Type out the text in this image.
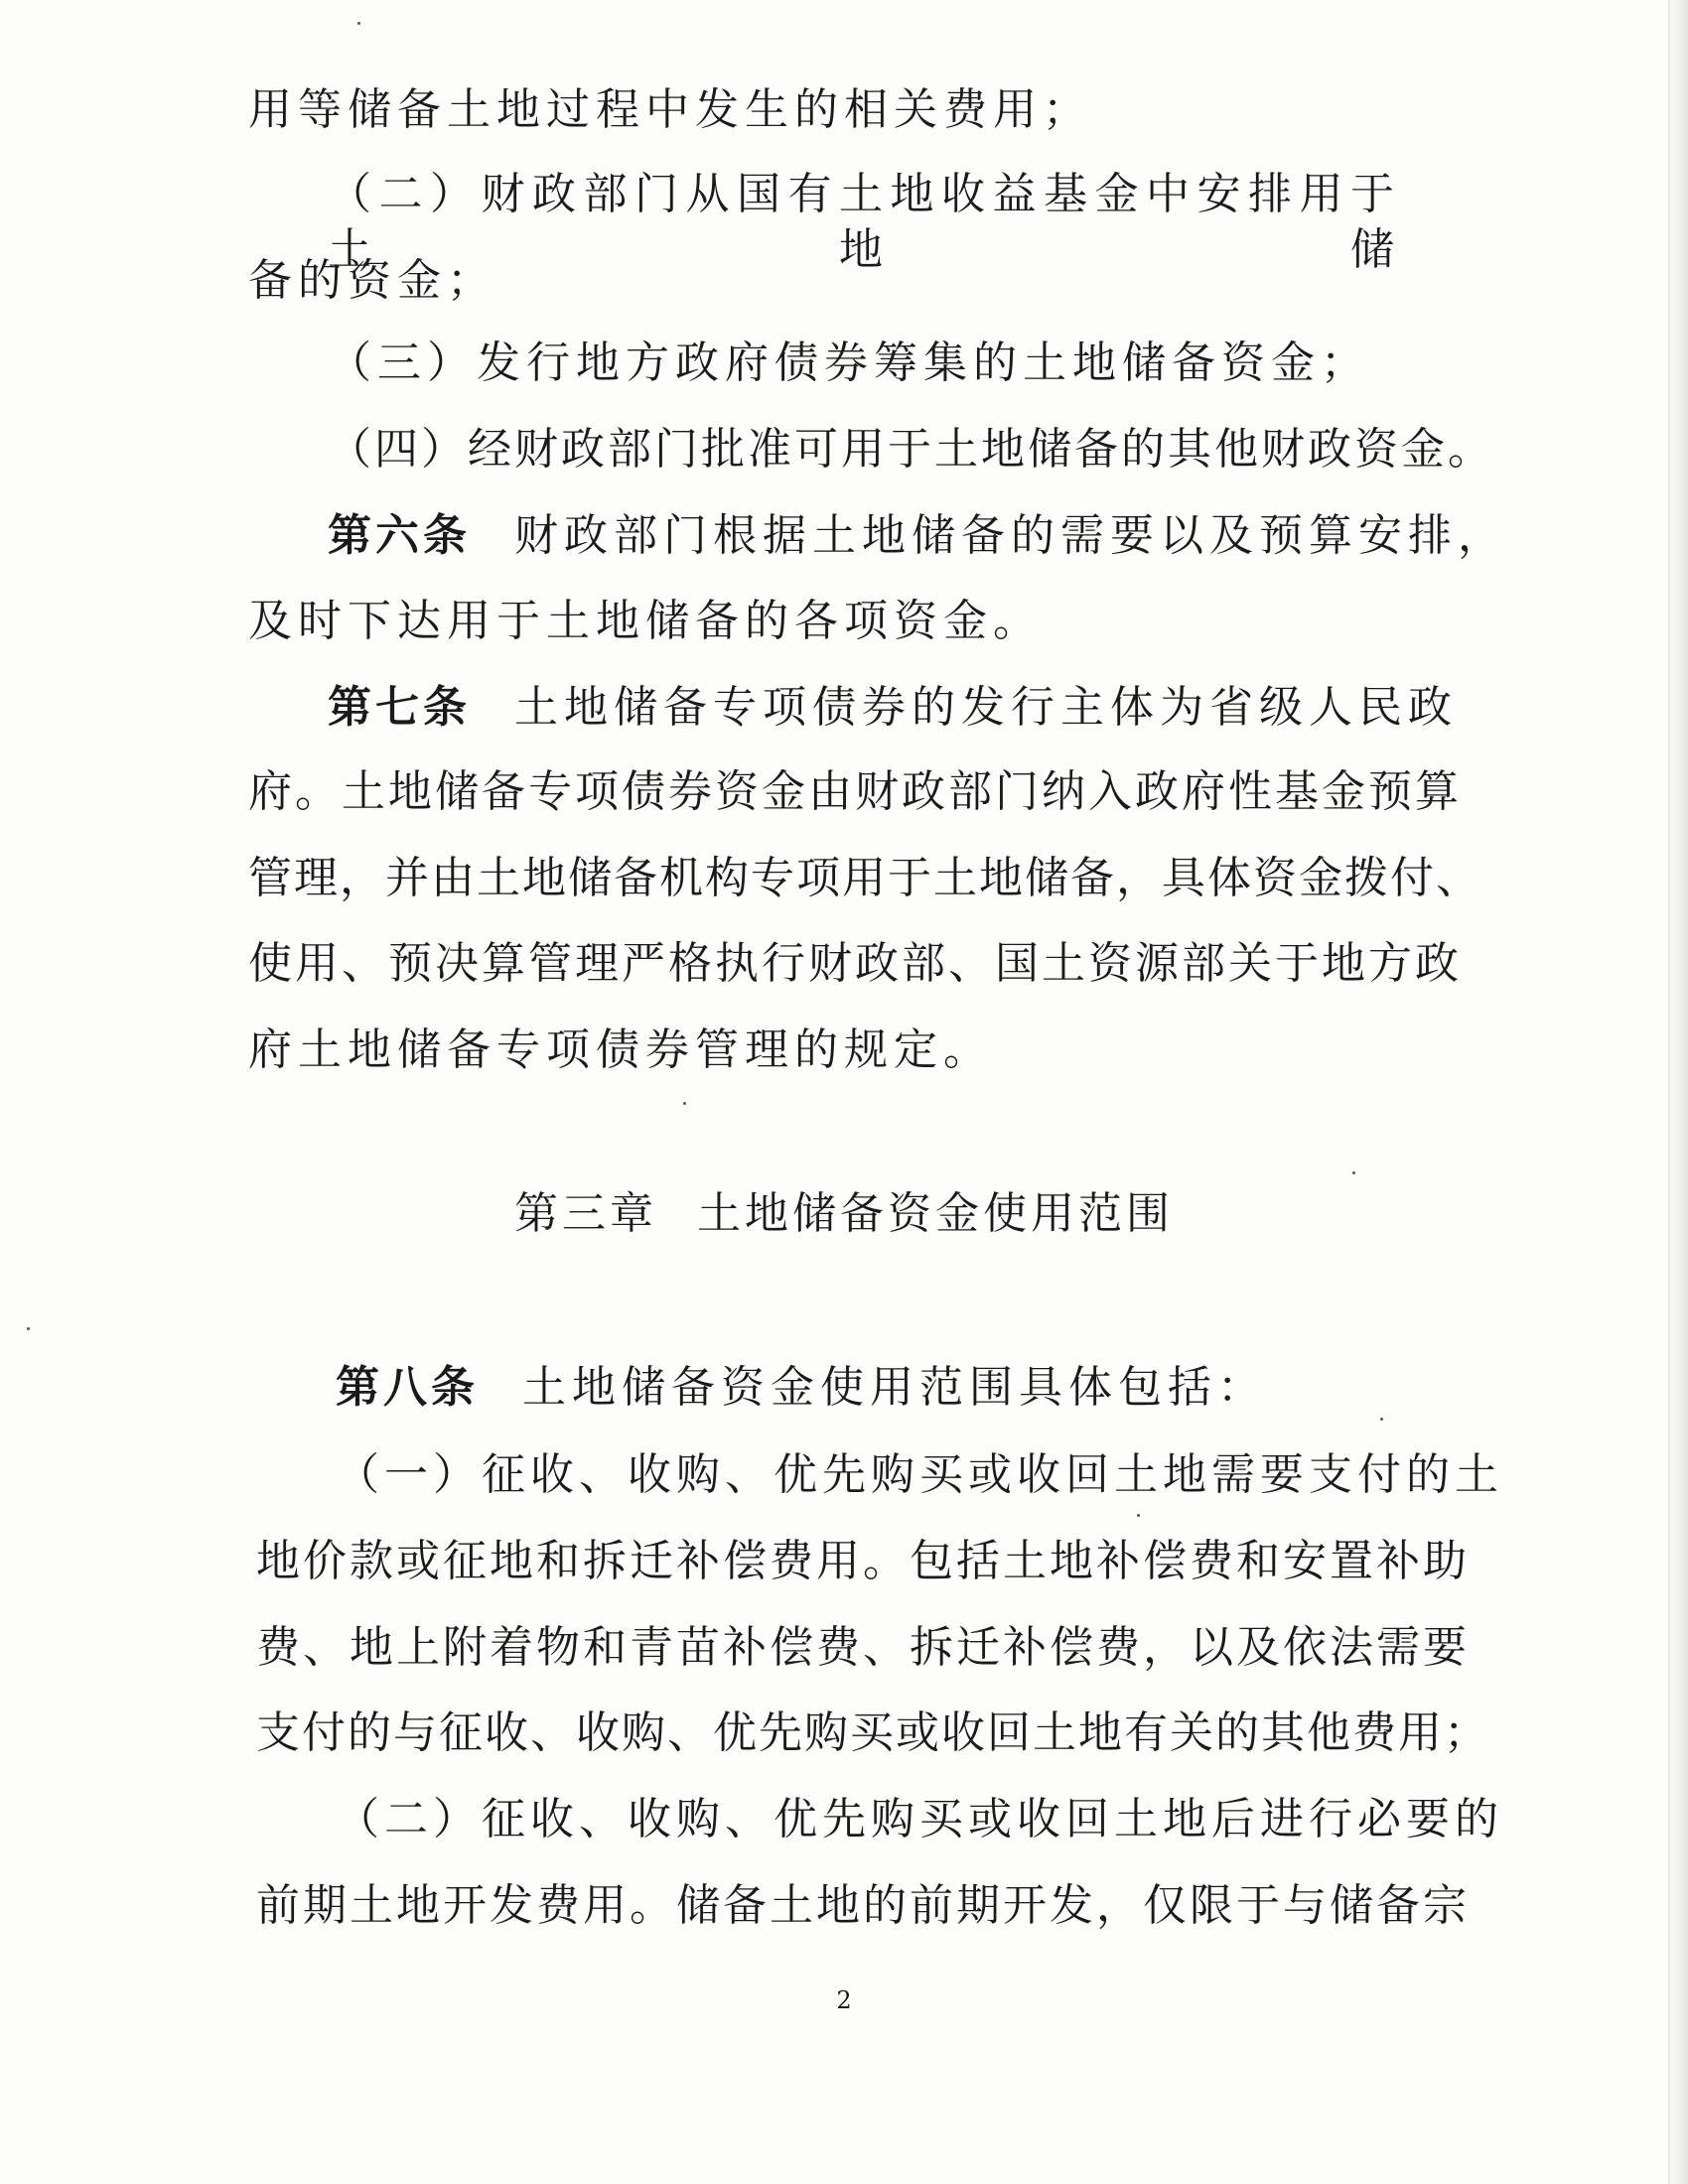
用等储备土地过程中发生的相关费用；
（二）财政部门从国有土地收益基金中安排用于土地储
备的资金；
（三）发行地方政府债券筹集的土地储备资金；
（四）经财政部门批准可用于土地储备的其他财政资金。
第六条 财政部门根据土地储备的需要以及预算安排，
及时下达用于土地储备的各项资金。
第七条 土地储备专项债券的发行主体为省级人民政
府。土地储备专项债券资金由财政部门纳入政府性基金预算
管理，并由土地储备机构专项用于土地储备，具体资金拨付、
使用、预决算管理严格执行财政部、国土资源部关于地方政
府土地储备专项债券管理的规定。
第三章 土地储备资金使用范围
第八条 土地储备资金使用范围具体包括：
（一）征收、收购、优先购买或收回土地需要支付的土
地价款或征地和拆迁补偿费用。包括土地补偿费和安置补助
费、地上附着物和青苗补偿费、拆迁补偿费，以及依法需要
支付的与征收、收购、优先购买或收回土地有关的其他费用；
（二）征收、收购、优先购买或收回土地后进行必要的
前期土地开发费用。储备土地的前期开发，仅限于与储备宗
2
